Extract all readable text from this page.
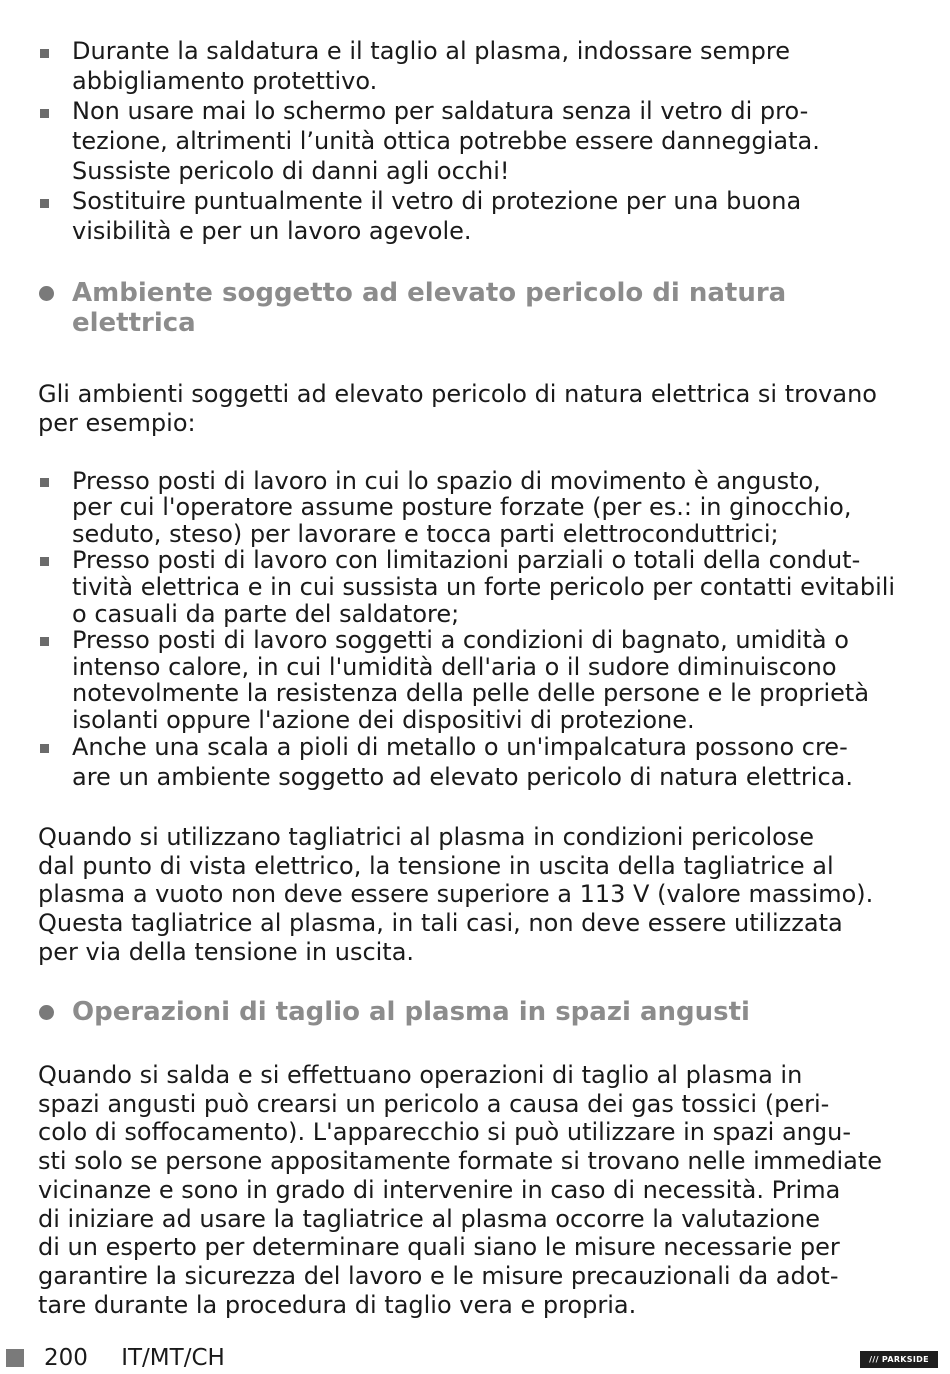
Durante la saldatura e il taglio al plasma, indossare sempre
abbigliamento protettivo.
Non usare mai lo schermo per saldatura senza il vetro di pro-
tezione, altrimenti l’unità ottica potrebbe essere danneggiata.
Sussiste pericolo di danni agli occhi!
Sostituire puntualmente il vetro di protezione per una buona
visibilità e per un lavoro agevole.
Ambiente soggetto ad elevato pericolo di natura
elettrica

Gli ambienti soggetti ad elevato pericolo di natura elettrica si trovano
per esempio:

Presso posti di lavoro in cui lo spazio di movimento è angusto,
per cui l'operatore assume posture forzate (per es.: in ginocchio,
seduto, steso) per lavorare e tocca parti elettroconduttrici;
Presso posti di lavoro con limitazioni parziali o totali della condut-
tività elettrica e in cui sussista un forte pericolo per contatti evitabili
o casuali da parte del saldatore;
Presso posti di lavoro soggetti a condizioni di bagnato, umidità o
intenso calore, in cui l'umidità dell'aria o il sudore diminuiscono
notevolmente la resistenza della pelle delle persone e le proprietà
isolanti oppure l'azione dei dispositivi di protezione.
Anche una scala a pioli di metallo o un'impalcatura possono cre-
are un ambiente soggetto ad elevato pericolo di natura elettrica.

Quando si utilizzano tagliatrici al plasma in condizioni pericolose
dal punto di vista elettrico, la tensione in uscita della tagliatrice al
plasma a vuoto non deve essere superiore a 113 V (valore massimo).
Questa tagliatrice al plasma, in tali casi, non deve essere utilizzata
per via della tensione in uscita.

Operazioni di taglio al plasma in spazi angusti

Quando si salda e si effettuano operazioni di taglio al plasma in
spazi angusti può crearsi un pericolo a causa dei gas tossici (peri-
colo di soffocamento). L'apparecchio si può utilizzare in spazi angu-
sti solo se persone appositamente formate si trovano nelle immediate
vicinanze e sono in grado di intervenire in caso di necessità. Prima
di iniziare ad usare la tagliatrice al plasma occorre la valutazione
di un esperto per determinare quali siano le misure necessarie per
garantire la sicurezza del lavoro e le misure precauzionali da adot-
tare durante la procedura di taglio vera e propria.

200 IT/MT/CH	/// PARKSIDE
